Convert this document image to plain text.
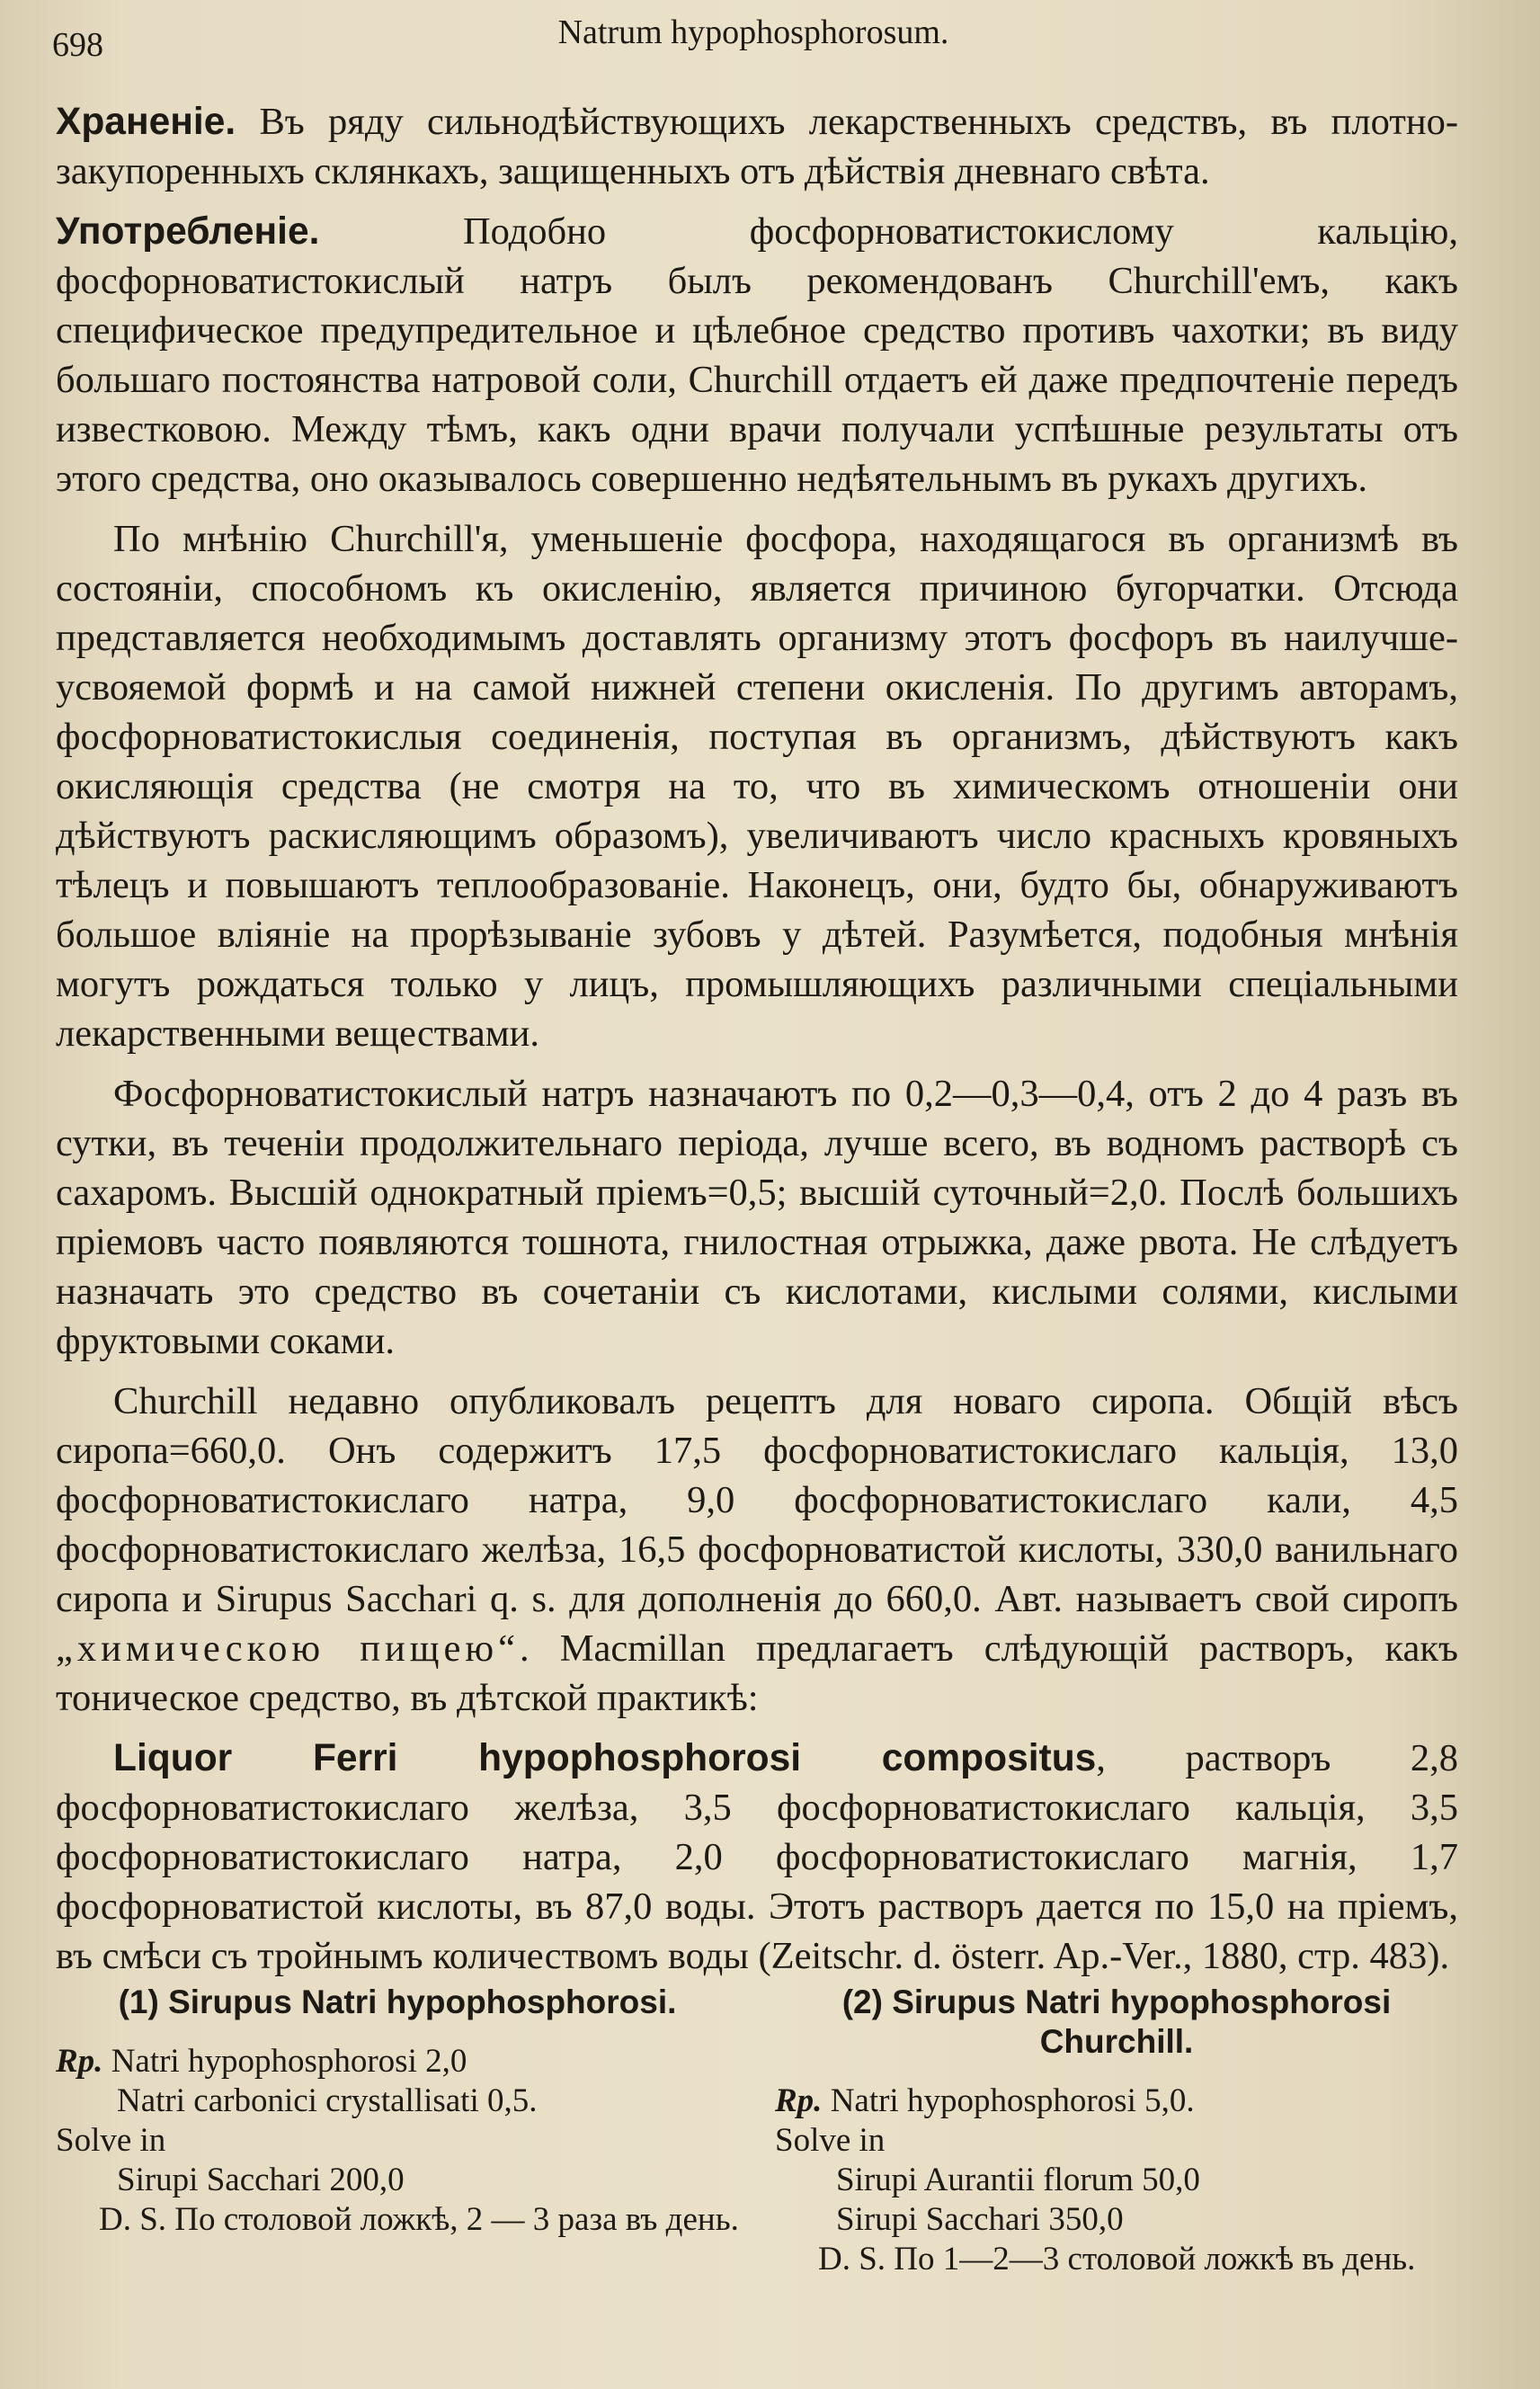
698	Natrum hypophosphorosum.

Храненіе. Въ ряду сильнодѣйствующихъ лекарственныхъ средствъ, въ плотно-закупоренныхъ склянкахъ, защищенныхъ отъ дѣйствія дневнаго свѣта.

Употребленіе. Подобно фосфорноватистокислому кальцію, фосфорноватистокислый натръ былъ рекомендованъ Churchill'емъ, какъ специфическое предупредительное и цѣлебное средство противъ чахотки; въ виду большаго постоянства натровой соли, Churchill отдаетъ ей даже предпочтеніе передъ известковою. Между тѣмъ, какъ одни врачи получали успѣшные результаты отъ этого средства, оно оказывалось совершенно недѣятельнымъ въ рукахъ другихъ.

По мнѣнію Churchill'я, уменьшеніе фосфора, находящагося въ организмѣ въ состояніи, способномъ къ окисленію, является причиною бугорчатки. Отсюда представляется необходимымъ доставлять организму этотъ фосфоръ въ наилучше-усвояемой формѣ и на самой нижней степени окисленія. По другимъ авторамъ, фосфорноватистокислыя соединенія, поступая въ организмъ, дѣйствуютъ какъ окисляющія средства (не смотря на то, что въ химическомъ отношеніи они дѣйствуютъ раскисляющимъ образомъ), увеличиваютъ число красныхъ кровяныхъ тѣлецъ и повышаютъ теплообразованіе. Наконецъ, они, будто бы, обнаруживаютъ большое вліяніе на прорѣзываніе зубовъ у дѣтей. Разумѣется, подобныя мнѣнія могутъ рождаться только у лицъ, промышляющихъ различными спеціальными лекарственными веществами.

Фосфорноватистокислый натръ назначаютъ по 0,2—0,3—0,4, отъ 2 до 4 разъ въ сутки, въ теченіи продолжительнаго періода, лучше всего, въ водномъ растворѣ съ сахаромъ. Высшій однократный пріемъ=0,5; высшій суточный=2,0. Послѣ большихъ пріемовъ часто появляются тошнота, гнилостная отрыжка, даже рвота. Не слѣдуетъ назначать это средство въ сочетаніи съ кислотами, кислыми солями, кислыми фруктовыми соками.

Churchill недавно опубликовалъ рецептъ для новаго сиропа. Общій вѣсъ сиропа=660,0. Онъ содержитъ 17,5 фосфорноватистокислаго кальція, 13,0 фосфорноватистокислаго натра, 9,0 фосфорноватистокислаго кали, 4,5 фосфорноватистокислаго желѣза, 16,5 фосфорноватистой кислоты, 330,0 ванильнаго сиропа и Sirupus Sacchari q. s. для дополненія до 660,0. Авт. называетъ свой сиропъ „химическою пищею“. Macmillan предлагаетъ слѣдующій растворъ, какъ тоническое средство, въ дѣтской практикѣ:

Liquor Ferri hypophosphorosi compositus, растворъ 2,8 фосфорноватистокислаго желѣза, 3,5 фосфорноватистокислаго кальція, 3,5 фосфорноватистокислаго натра, 2,0 фосфорноватистокислаго магнія, 1,7 фосфорноватистой кислоты, въ 87,0 воды. Этотъ растворъ дается по 15,0 на пріемъ, въ смѣси съ тройнымъ количествомъ воды (Zeitschr. d. österr. Ap.-Ver., 1880, стр. 483).

(1) Sirupus Natri hypophosphorosi.

Rp. Natri hypophosphorosi 2,0

Natri carbonici crystallisati 0,5.

Solve in

Sirupi Sacchari 200,0

D. S. По столовой ложкѣ, 2 — 3 раза въ день.

(2) Sirupus Natri hypophosphorosi Churchill.

Rp. Natri hypophosphorosi 5,0.

Solve in

Sirupi Aurantii florum 50,0

Sirupi Sacchari 350,0

D. S. По 1—2—3 столовой ложкѣ въ день.
